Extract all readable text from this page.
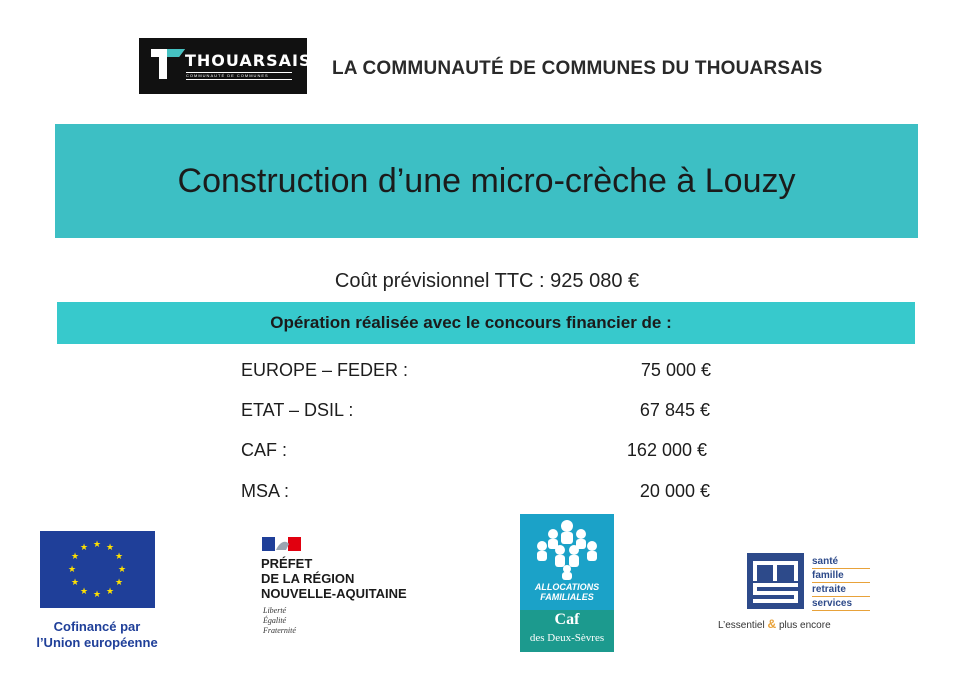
THOUARSAIS
COMMUNAUTÉ DE COMMUNES	LA COMMUNAUTÉ DE COMMUNES DU THOUARSAIS
Construction d’une micro-crèche à Louzy
Coût prévisionnel TTC : 925 080 €
Opération réalisée avec le concours financier de :
EUROPE – FEDER :	75 000 €
ETAT – DSIL :	67 845 €
CAF :	162 000 €
MSA :	20 000 €
★ ★
★
★
★
★
★
★
★
★
★
★
Cofinancé par
l’Union européenne
PRÉFET
DE LA RÉGION
NOUVELLE-AQUITAINE
Liberté
Égalité
Fraternité
ALLOCATIONS
FAMILIALES
Caf
des Deux-Sèvres
santé
famille
retraite
services
L’essentiel & plus encore
